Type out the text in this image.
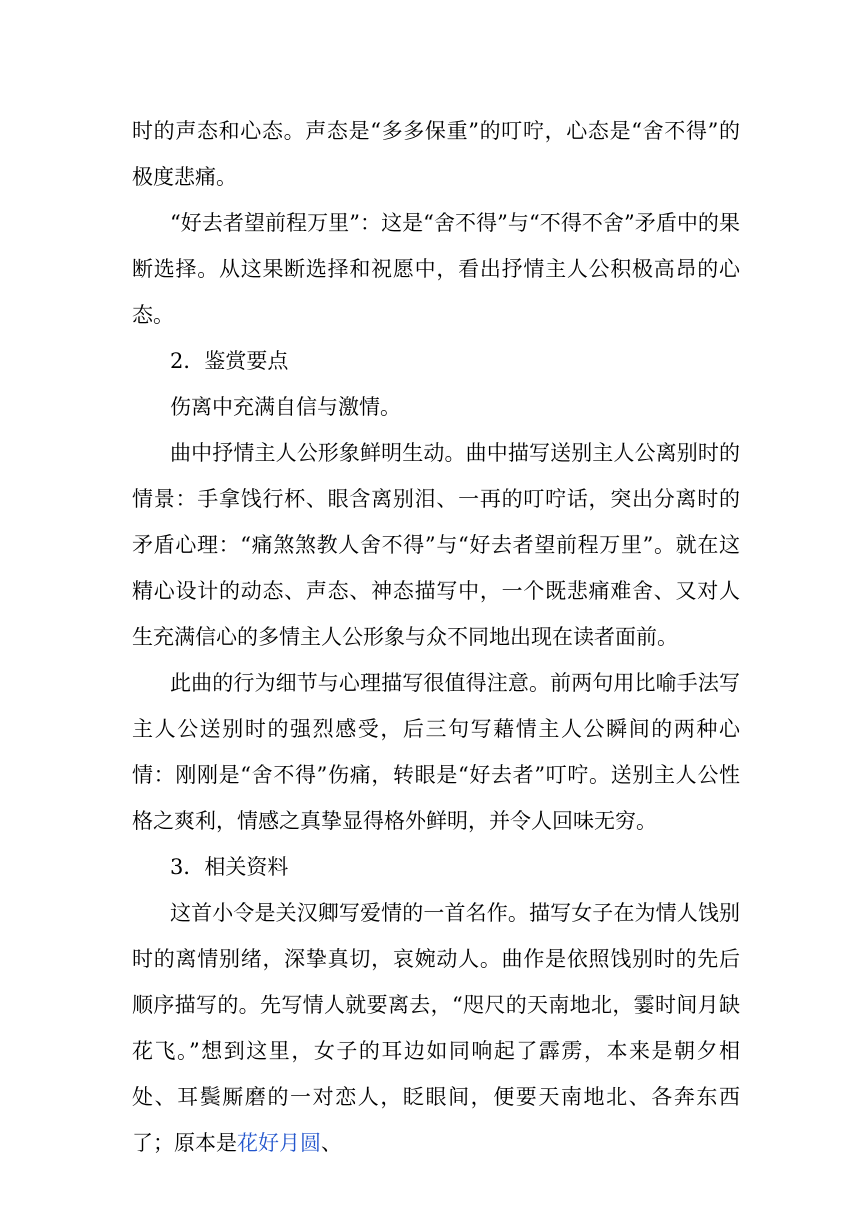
时的声态和心态。声态是“多多保重”的叮咛，心态是“舍不得”的极度悲痛。

“好去者望前程万里”：这是“舍不得”与“不得不舍”矛盾中的果断选择。从这果断选择和祝愿中，看出抒情主人公积极高昂的心态。

2．鉴赏要点

伤离中充满自信与激情。

曲中抒情主人公形象鲜明生动。曲中描写送别主人公离别时的情景：手拿饯行杯、眼含离别泪、一再的叮咛话，突出分离时的矛盾心理：“痛煞煞教人舍不得”与“好去者望前程万里”。就在这精心设计的动态、声态、神态描写中，一个既悲痛难舍、又对人生充满信心的多情主人公形象与众不同地出现在读者面前。

此曲的行为细节与心理描写很值得注意。前两句用比喻手法写主人公送别时的强烈感受，后三句写藉情主人公瞬间的两种心情：刚刚是“舍不得”伤痛，转眼是“好去者”叮咛。送别主人公性格之爽利，情感之真挚显得格外鲜明，并令人回味无穷。

3．相关资料

这首小令是关汉卿写爱情的一首名作。描写女子在为情人饯别时的离情别绪，深挚真切，哀婉动人。曲作是依照饯别时的先后顺序描写的。先写情人就要离去，“咫尺的天南地北，霎时间月缺花飞。”想到这里，女子的耳边如同响起了霹雳，本来是朝夕相处、耳鬓厮磨的一对恋人，眨眼间，便要天南地北、各奔东西了；原本是花好月圆、
